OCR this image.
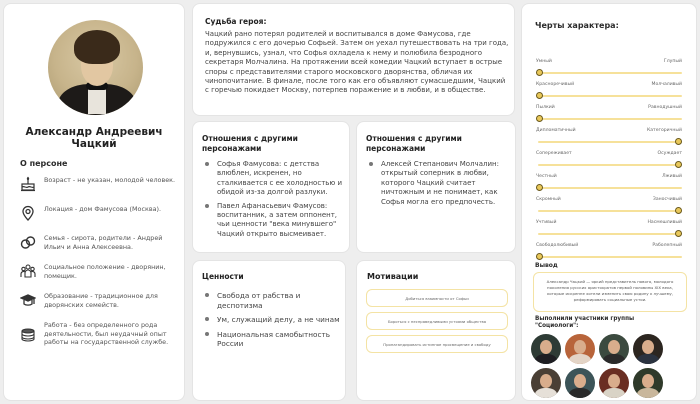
Александр Андреевич Чацкий
О персоне
Возраст - не указан, молодой человек.
Локация - дом Фамусова (Москва).
Семья - сирота, родители - Андрей Ильич и Анна Алексеевна.
Социальное положение - дворянин, помещик.
Образование - традиционное для дворянских семейств.
Работа - без определенного рода деятельности, был неудачный опыт работы на государственной службе.
Судьба героя:
Чацкий рано потерял родителей и воспитывался в доме Фамусова, где подружился с его дочерью Софьей. Затем он уехал путешествовать на три года, и, вернувшись, узнал, что Софья охладела к нему и полюбила безродного секретаря Молчалина. На протяжении всей комедии Чацкий вступает в острые споры с представителями старого московского дворянства, обличая их чинопочитание. В финале, после того как его объявляют сумасшедшим, Чацкий с горечью покидает Москву, потерпев поражение и в любви, и в обществе.
Отношения с другими персонажами
Софья Фамусова: с детства влюблен, искренен, но сталкивается с ее холодностью и обидой из-за долгой разлуки.
Павел Афанасьевич Фамусов: воспитанник, а затем оппонент, чьи ценности "века минувшего" Чацкий открыто высмеивает.
Отношения с другими персонажами
Алексей Степанович Молчалин: открытый соперник в любви, которого Чацкий считает ничтожным и не понимает, как Софья могла его предпочесть.
Ценности
Свобода от рабства и деспотизма
Ум, служащий делу, а не чинам
Национальная самобытность России
Мотивации
Добиться взаимности от Софьи
Бороться с несправедливыми устоями общества
Пропагандировать истинное просвещение и свободу
Черты характера:
Умный	Глупый
Красноречивый	Молчаливый
Пылкий	Равнодушный
Дипломатичный	Категоричный
Сопереживает	Осуждает
Честный	Лживый
Скромный	Заносчивый
Учтивый	Насмешливый
Свободолюбивый	Раболепный
Вывод
Александр Чацкий — яркий представитель нового, молодого поколения русских аристократов первой половины XIX века, которые искренне хотели изменить свою родину к лучшему, реформировать социальные устои.
Выполнили участники группы "Социологи":
